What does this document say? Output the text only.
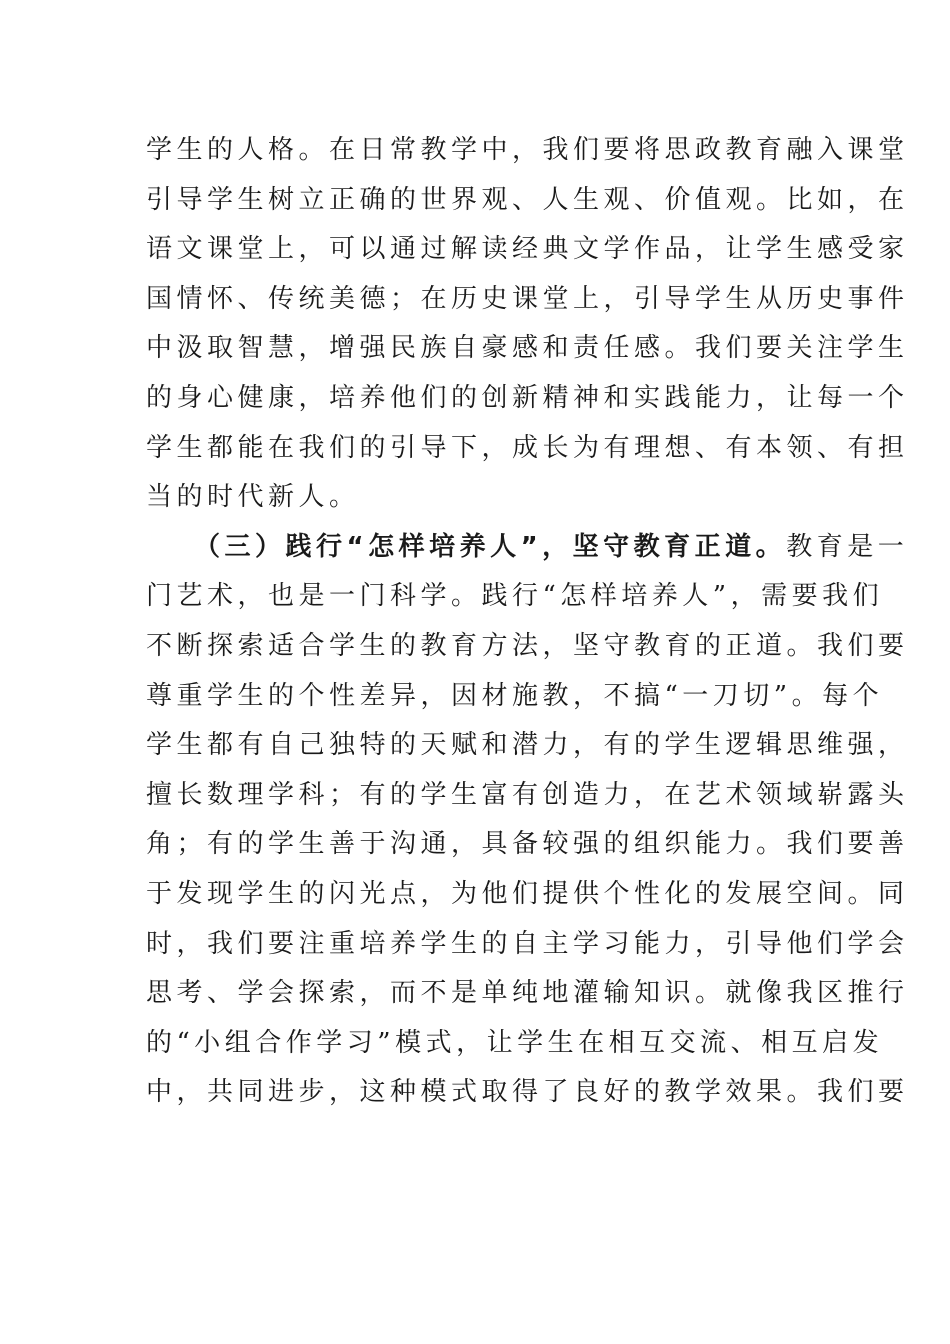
学生的人格。在日常教学中，我们要将思政教育融入课堂
引导学生树立正确的世界观、人生观、价值观。比如，在
语文课堂上，可以通过解读经典文学作品，让学生感受家
国情怀、传统美德；在历史课堂上，引导学生从历史事件
中汲取智慧，增强民族自豪感和责任感。我们要关注学生
的身心健康，培养他们的创新精神和实践能力，让每一个
学生都能在我们的引导下，成长为有理想、有本领、有担
当的时代新人。
（三）践行“怎样培养人”，坚守教育正道。教育是一
门艺术，也是一门科学。践行“怎样培养人”，需要我们
不断探索适合学生的教育方法，坚守教育的正道。我们要
尊重学生的个性差异，因材施教，不搞“一刀切”。每个
学生都有自己独特的天赋和潜力，有的学生逻辑思维强，
擅长数理学科；有的学生富有创造力，在艺术领域崭露头
角；有的学生善于沟通，具备较强的组织能力。我们要善
于发现学生的闪光点，为他们提供个性化的发展空间。同
时，我们要注重培养学生的自主学习能力，引导他们学会
思考、学会探索，而不是单纯地灌输知识。就像我区推行
的“小组合作学习”模式，让学生在相互交流、相互启发
中，共同进步，这种模式取得了良好的教学效果。我们要
